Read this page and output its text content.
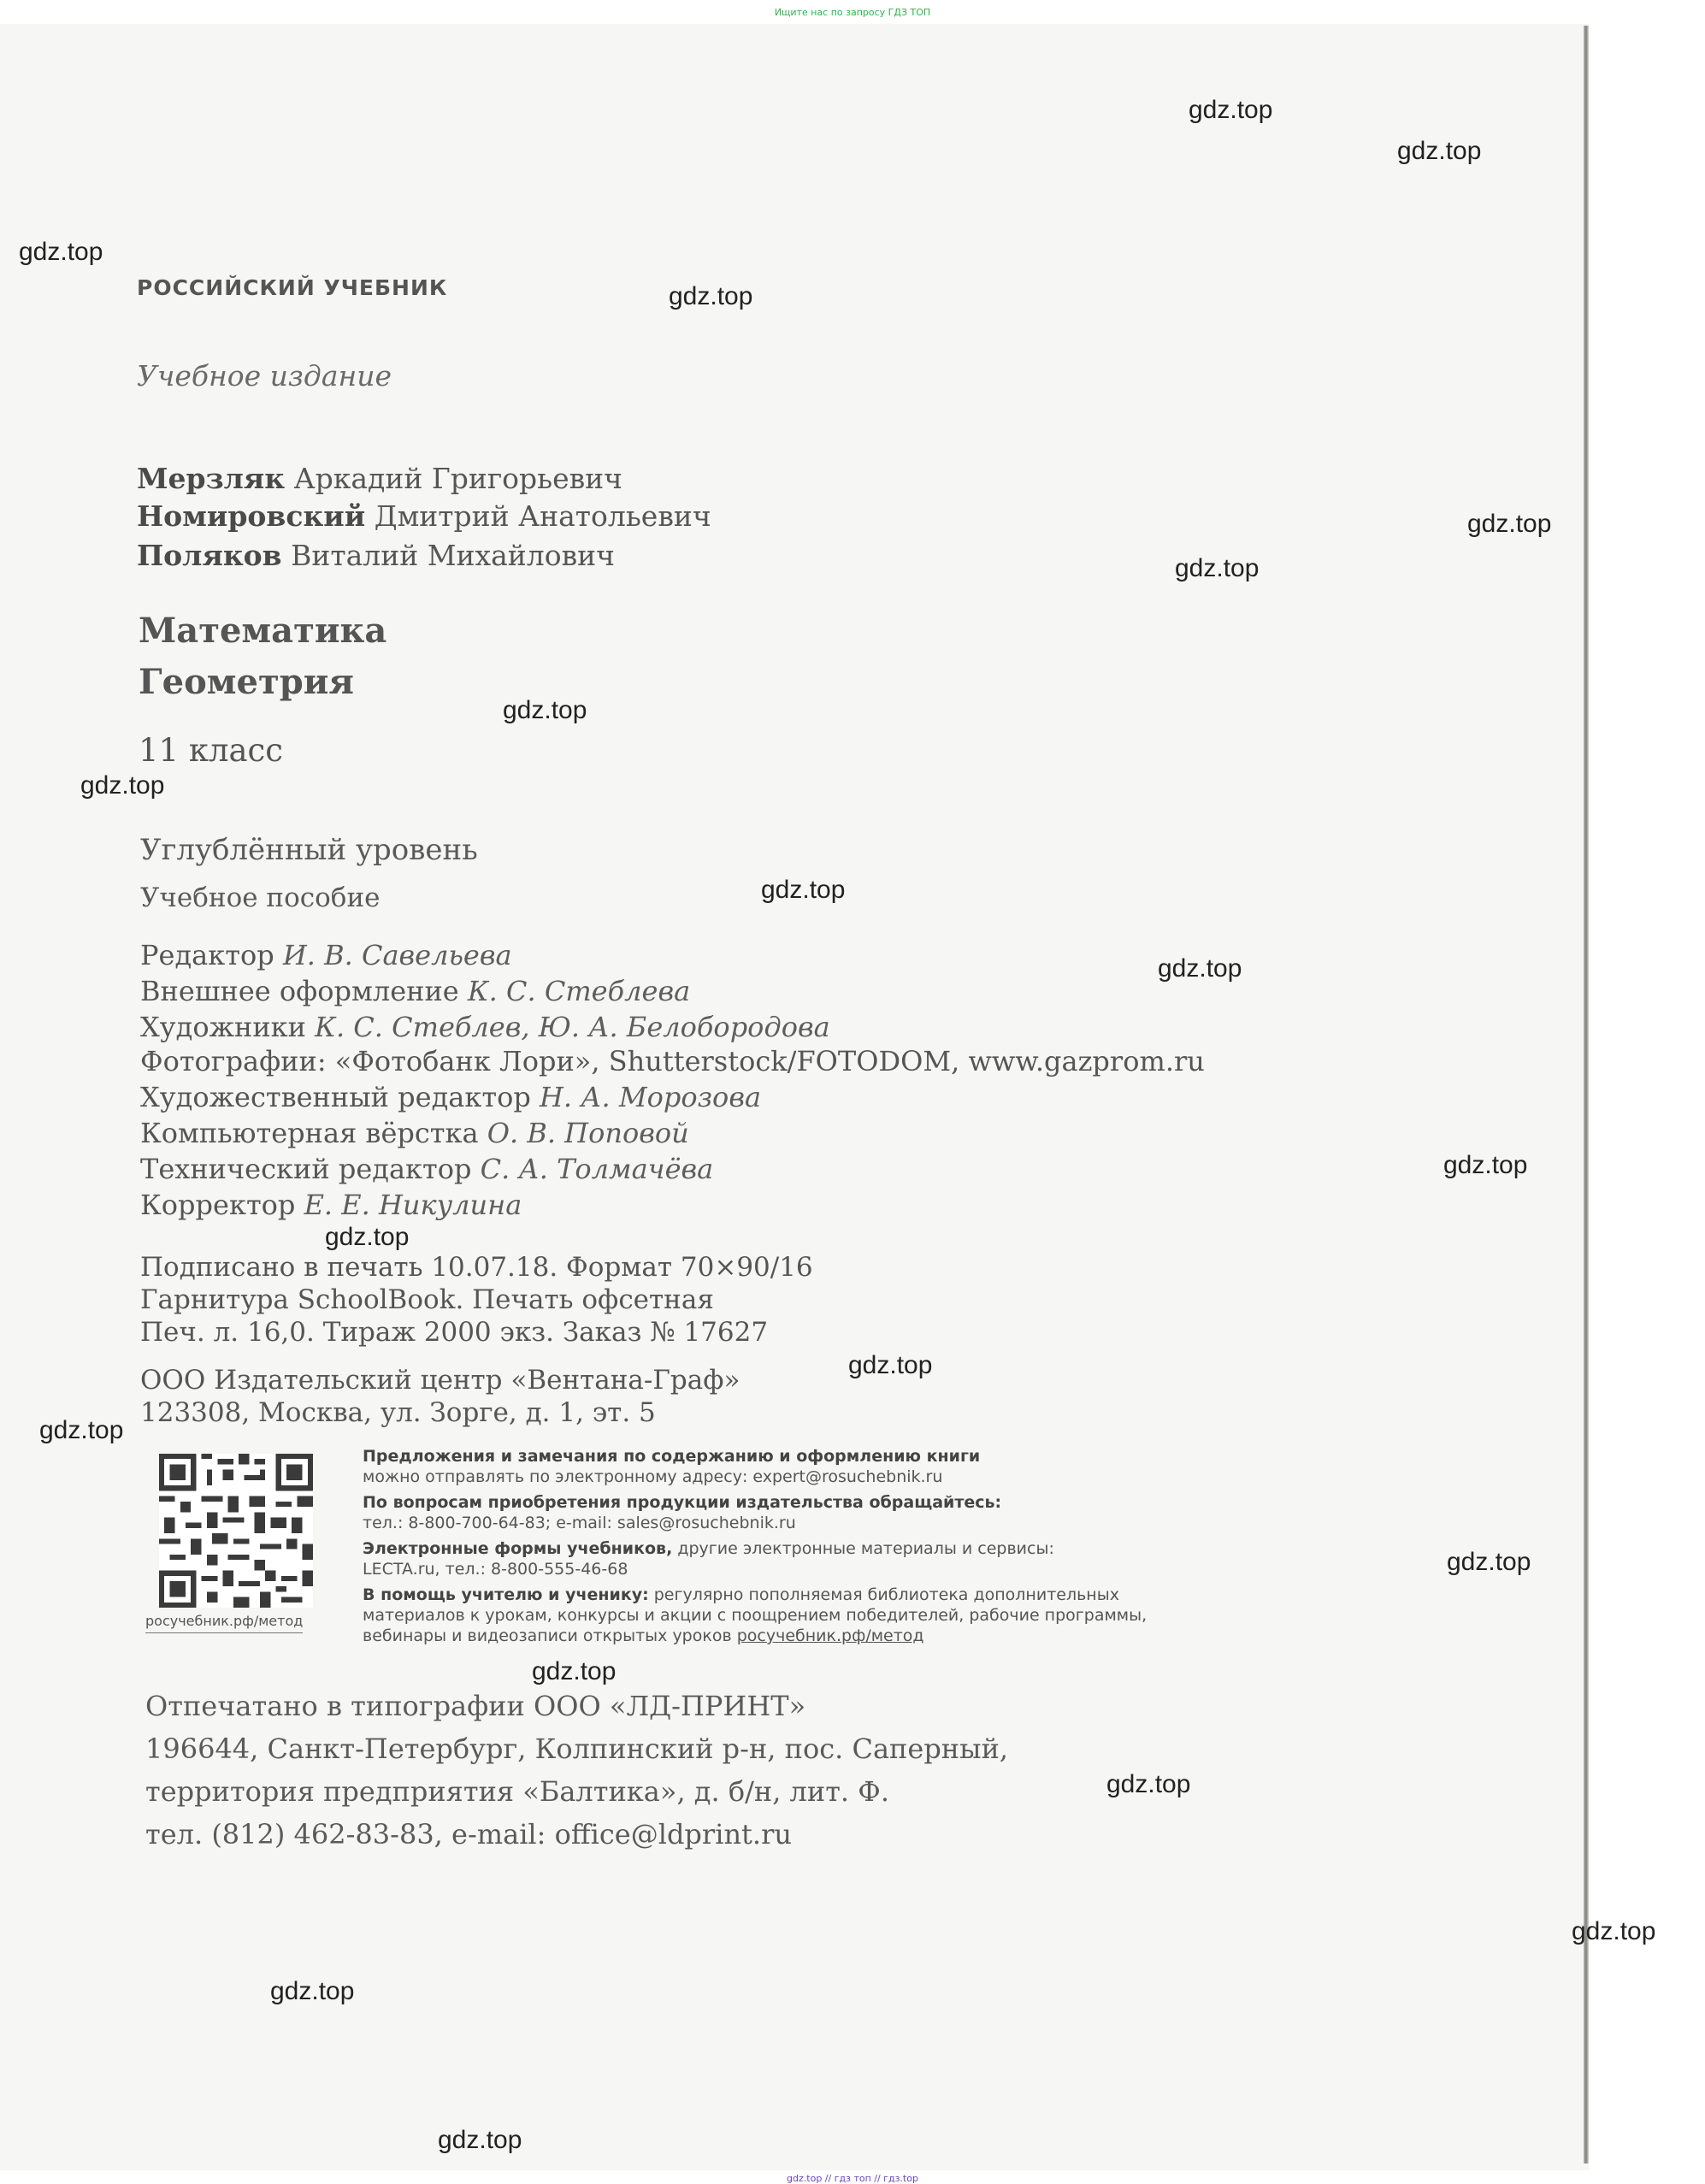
Ищите нас по запросу ГДЗ ТОП
gdz.top
gdz.top
gdz.top
gdz.top
gdz.top
gdz.top
gdz.top
gdz.top
gdz.top
gdz.top
gdz.top
gdz.top
gdz.top
gdz.top
gdz.top
gdz.top
gdz.top
gdz.top
gdz.top
gdz.top
РОССИЙСКИЙ УЧЕБНИК
Учебное издание
Мерзляк Аркадий Григорьевич
Номировский Дмитрий Анатольевич
Поляков Виталий Михайлович
Математика
Геометрия
11 класс
Углублённый уровень
Учебное пособие
Редактор И. В. Савельева
Внешнее оформление К. С. Стеблева
Художники К. С. Стеблев, Ю. А. Белобородова
Фотографии: «Фотобанк Лори», Shutterstock/FOTODOM, www.gazprom.ru
Художественный редактор Н. А. Морозова
Компьютерная вёрстка О. В. Поповой
Технический редактор С. А. Толмачёва
Корректор Е. Е. Никулина
Подписано в печать 10.07.18. Формат 70×90/16
Гарнитура SchoolBook. Печать офсетная
Печ. л. 16,0. Тираж 2000 экз. Заказ № 17627
ООО Издательский центр «Вентана-Граф»
123308, Москва, ул. Зорге, д. 1, эт. 5
росучебник.рф/метод
Предложения и замечания по содержанию и оформлению книги
можно отправлять по электронному адресу: expert@rosuchebnik.ru
По вопросам приобретения продукции издательства обращайтесь:
тел.: 8-800-700-64-83; e-mail: sales@rosuchebnik.ru
Электронные формы учебников, другие электронные материалы и сервисы:
LECTA.ru, тел.: 8-800-555-46-68
В помощь учителю и ученику: регулярно пополняемая библиотека дополнительных
материалов к урокам, конкурсы и акции с поощрением победителей, рабочие программы,
вебинары и видеозаписи открытых уроков росучебник.рф/метод
Отпечатано в типографии ООО «ЛД-ПРИНТ»
196644, Санкт-Петербург, Колпинский р-н, пос. Саперный,
территория предприятия «Балтика», д. б/н, лит. Ф.
тел. (812) 462-83-83, e-mail: office@ldprint.ru
gdz.top // гдз топ // гдз.top
